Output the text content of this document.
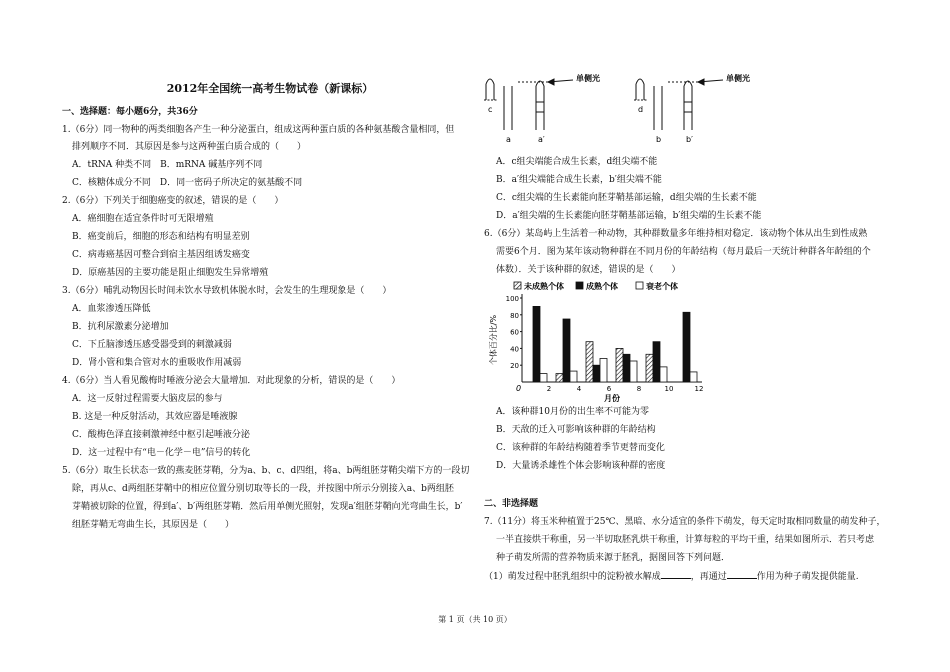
2012年全国统一高考生物试卷（新课标）
一、选择题：每小题6分，共36分
1.（6分）同一物种的两类细胞各产生一种分泌蛋白，组成这两种蛋白质的各种氨基酸含量相同，但
排列顺序不同．其原因是参与这两种蛋白质合成的（　　）
A．tRNA 种类不同　B．mRNA 碱基序列不同
C．核糖体成分不同　D．同一密码子所决定的氨基酸不同
2.（6分）下列关于细胞癌变的叙述，错误的是（　　）
A．癌细胞在适宜条件时可无限增殖
B．癌变前后，细胞的形态和结构有明显差别
C．病毒癌基因可整合到宿主基因组诱发癌变
D．原癌基因的主要功能是阻止细胞发生异常增殖
3.（6分）哺乳动物因长时间未饮水导致机体脱水时，会发生的生理现象是（　　）
A．血浆渗透压降低
B．抗利尿激素分泌增加
C．下丘脑渗透压感受器受到的刺激减弱
D．肾小管和集合管对水的重吸收作用减弱
4.（6分）当人看见酸梅时唾液分泌会大量增加．对此现象的分析，错误的是（　　）
A．这一反射过程需要大脑皮层的参与
B. 这是一种反射活动，其效应器是唾液腺
C．酸梅色泽直接刺激神经中枢引起唾液分泌
D．这一过程中有“电－化学－电”信号的转化
5.（6分）取生长状态一致的燕麦胚芽鞘，分为a、b、c、d四组，将a、b两组胚芽鞘尖端下方的一段切
除，再从c、d两组胚芽鞘中的相应位置分别切取等长的一段，并按图中所示分别接入a、b两组胚
芽鞘被切除的位置，得到a′、b′两组胚芽鞘．然后用单侧光照射，发现a′组胚芽鞘向光弯曲生长，b′
组胚芽鞘无弯曲生长，其原因是（　　）
单侧光	单侧光
c
a	a′
d
b	b′
A．c组尖端能合成生长素，d组尖端不能
B．a′组尖端能合成生长素，b′组尖端不能
C．c组尖端的生长素能向胚芽鞘基部运输，d组尖端的生长素不能
D．a′组尖端的生长素能向胚芽鞘基部运输，b′组尖端的生长素不能
6.（6分）某岛屿上生活着一种动物，其种群数量多年维持相对稳定．该动物个体从出生到性成熟
需要6个月．图为某年该动物种群在不同月份的年龄结构（每月最后一天统计种群各年龄组的个
体数）．关于该种群的叙述，错误的是（　　）
未成熟个体	成熟个体	衰老个体
20
40
60
80
100
0
个体百分比/%
月份
2	4	6	8	10	12
A．该种群10月份的出生率不可能为零
B．天敌的迁入可影响该种群的年龄结构
C．该种群的年龄结构随着季节更替而变化
D．大量诱杀雄性个体会影响该种群的密度
二、非选择题
7.（11分）将玉米种植置于25℃、黑暗、水分适宜的条件下萌发，每天定时取相同数量的萌发种子，
一半直接烘干称重，另一半切取胚乳烘干称重，计算每粒的平均干重，结果如图所示．若只考虑
种子萌发所需的营养物质来源于胚乳，据图回答下列问题．
（1）萌发过程中胚乳组织中的淀粉被水解成	，再通过	作用为种子萌发提供能量.
第 1 页（共 10 页）
